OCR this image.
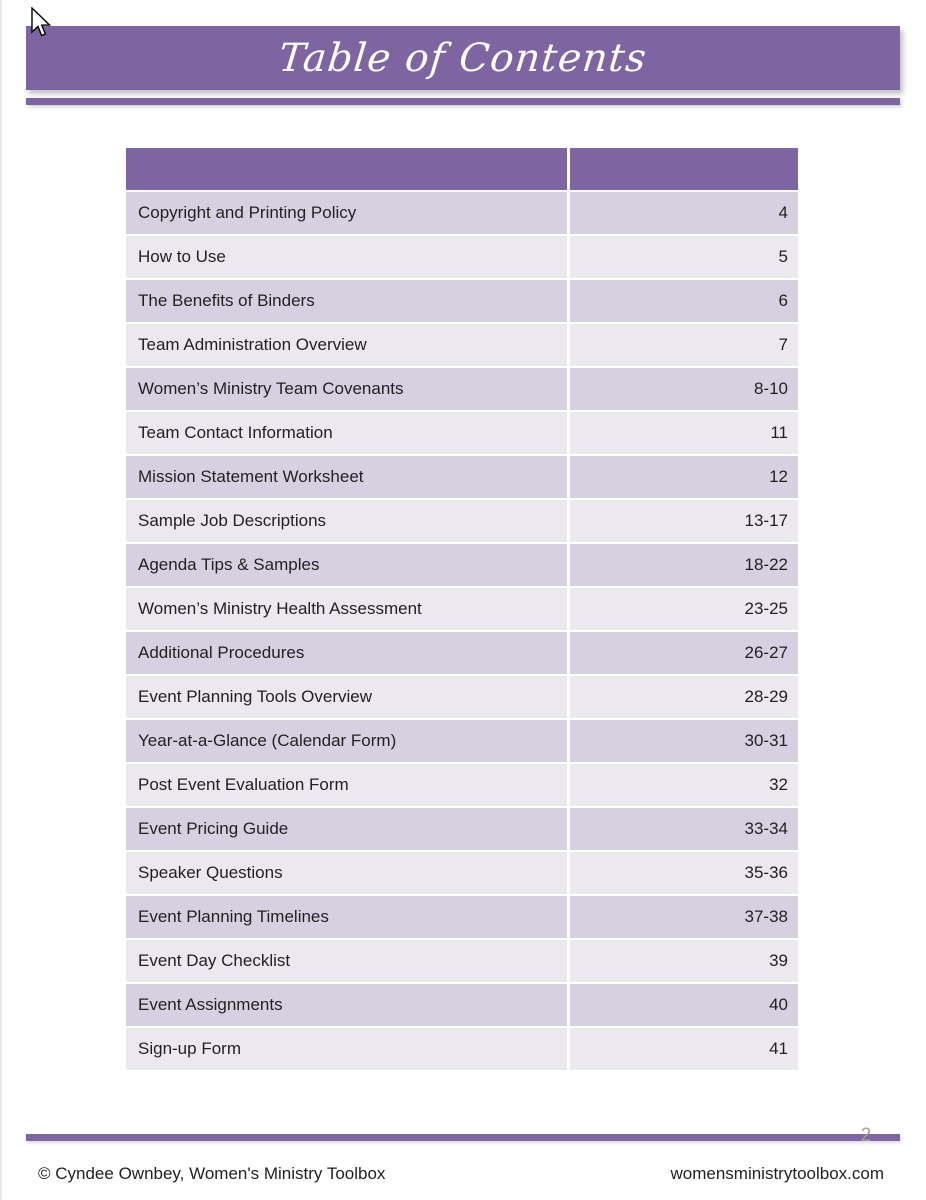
Table of Contents

Copyright and Printing Policy	4
How to Use	5
The Benefits of Binders	6
Team Administration Overview	7
Women’s Ministry Team Covenants	8-10
Team Contact Information	11
Mission Statement Worksheet	12
Sample Job Descriptions	13-17
Agenda Tips & Samples	18-22
Women’s Ministry Health Assessment	23-25
Additional Procedures	26-27
Event Planning Tools Overview	28-29
Year-at-a-Glance (Calendar Form)	30-31
Post Event Evaluation Form	32
Event Pricing Guide	33-34
Speaker Questions	35-36
Event Planning Timelines	37-38
Event Day Checklist	39
Event Assignments	40
Sign-up Form	41
2
© Cyndee Ownbey, Women's Ministry Toolbox	womensministrytoolbox.com
